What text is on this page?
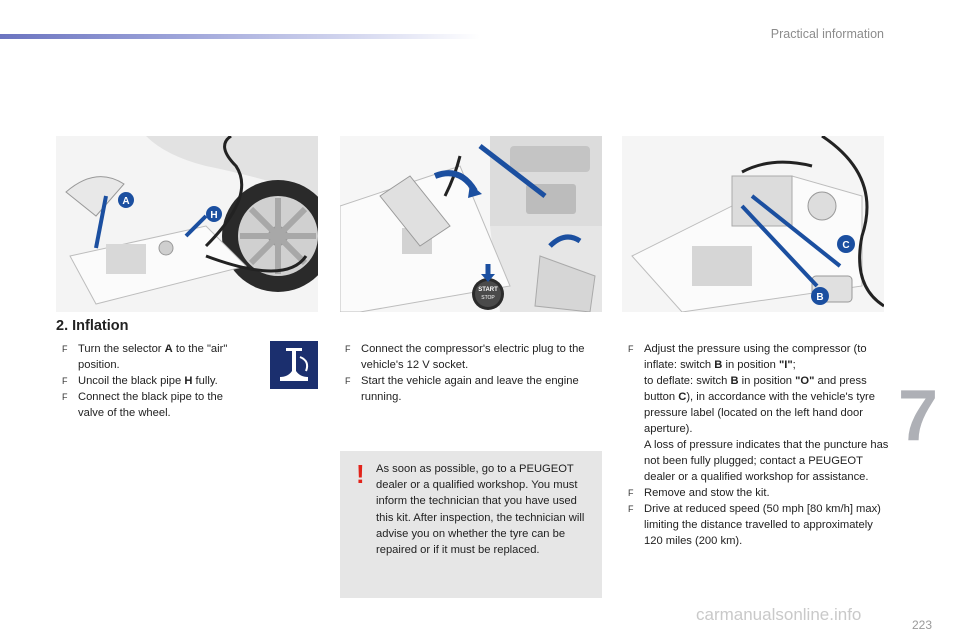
Practical information
A
H
START
STOP
C
B
2. Inflation
F Turn the selector A to the "air" position.
F Uncoil the black pipe H fully.
F Connect the black pipe to the valve of the wheel.
F Connect the compressor's electric plug to the vehicle's 12 V socket.
F Start the vehicle again and leave the engine running.
! As soon as possible, go to a PEUGEOT dealer or a qualified workshop. You must inform the technician that you have used this kit. After inspection, the technician will advise you on whether the tyre can be repaired or if it must be replaced.
F Adjust the pressure using the compressor (to inflate: switch B in position "I";
to deflate: switch B in position "O" and press button C), in accordance with the vehicle's tyre pressure label (located on the left hand door aperture).
A loss of pressure indicates that the puncture has not been fully plugged; contact a PEUGEOT dealer or a qualified workshop for assistance.
F Remove and stow the kit.
F Drive at reduced speed (50 mph [80 km/h] max) limiting the distance travelled to approximately 120 miles (200 km).
7
carmanualsonline.info
223
